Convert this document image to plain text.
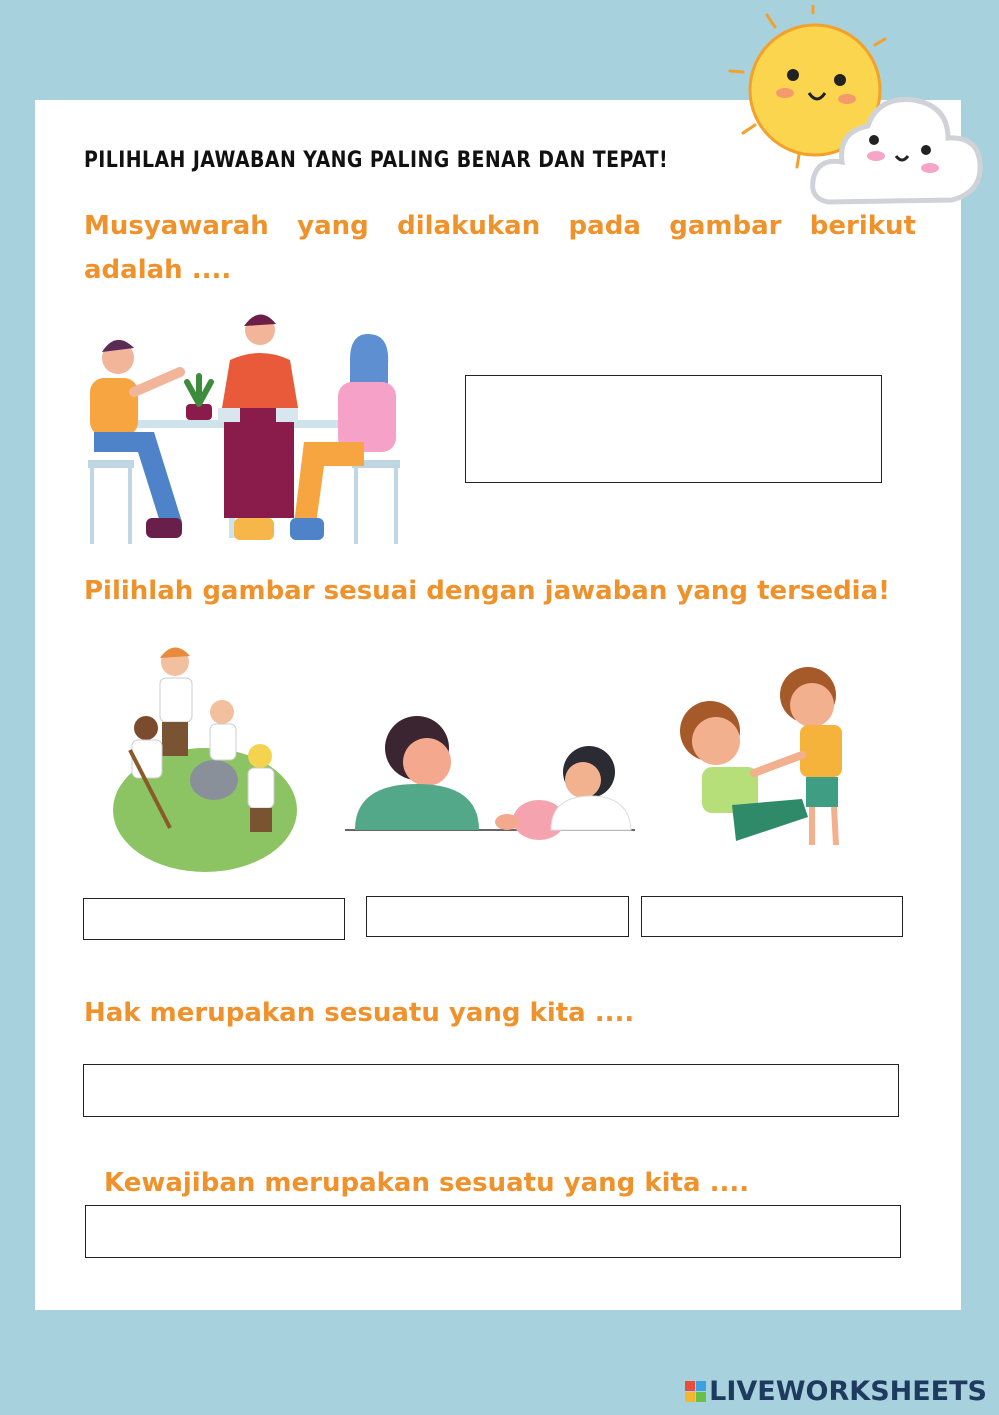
PILIHLAH JAWABAN YANG PALING BENAR DAN TEPAT!
Musyawarah yang dilakukan pada gambar berikut adalah ....
Pilihlah gambar sesuai dengan jawaban yang tersedia!
Hak merupakan sesuatu yang kita ....
Kewajiban merupakan sesuatu yang kita ....
LIVEWORKSHEETS
